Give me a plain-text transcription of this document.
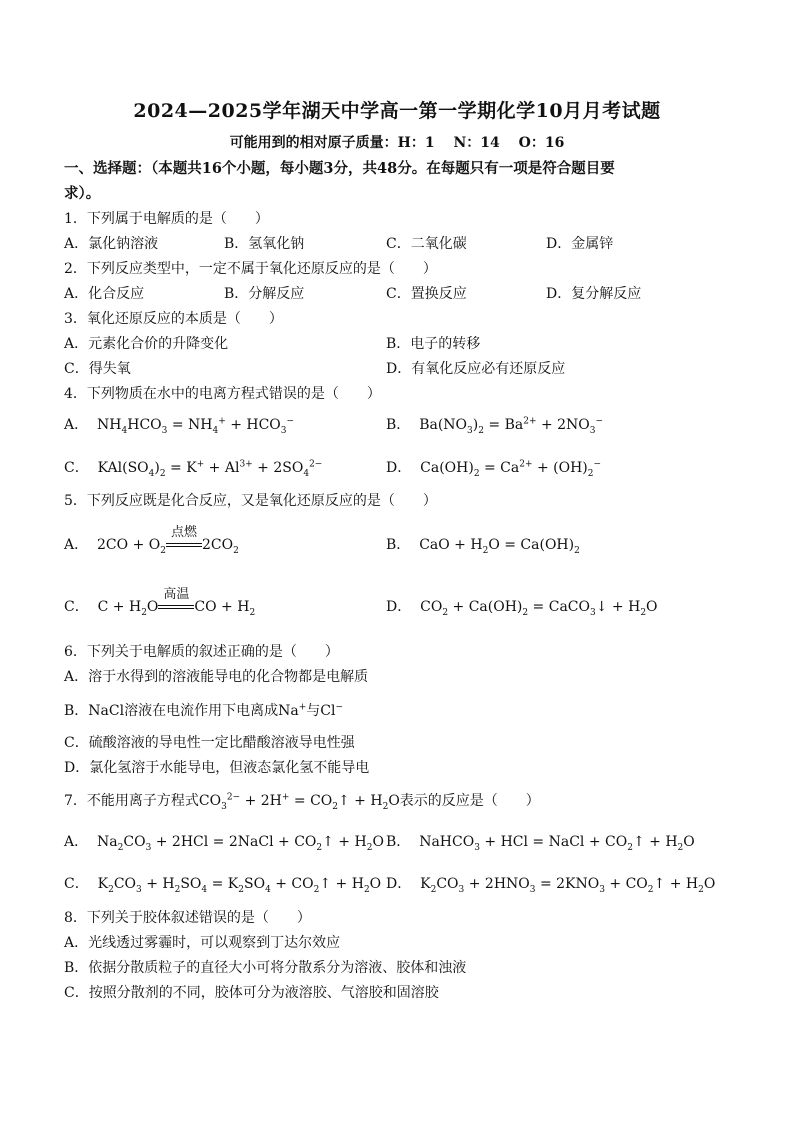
2024—2025学年湖天中学高一第一学期化学10月月考试题
可能用到的相对原子质量：H：1　 N：14　 O：16
一、选择题：（本题共16个小题，每小题3分，共48分。在每题只有一项是符合题目要
求）。
1．下列属于电解质的是（　　）
A．氯化钠溶液	B．氢氧化钠	C．二氧化碳	D．金属锌
2．下列反应类型中，一定不属于氧化还原反应的是（　　）
A．化合反应	B．分解反应	C．置换反应	D．复分解反应
3．氧化还原反应的本质是（　　）
A．元素化合价的升降变化	B．电子的转移
C．得失氧	D．有氧化反应必有还原反应
4．下列物质在水中的电离方程式错误的是（　　）
A．  $NH_4HCO_3 = NH_4^+ + HCO_3^-$	B．  $Ba(NO_3)_2 = Ba^{2+} + 2NO_3^-$
C．  $KAl(SO_4)_2 = K^+ + Al^{3+} + 2SO_4^{2-}$	D．  $Ca(OH)_2 = Ca^{2+} + (OH)_2^-$
5．下列反应既是化合反应，又是氧化还原反应的是（　　）
A．  $2CO + O_2$
点燃
$2CO_2$	B．  CaO + $H_2O = Ca(OH)_2$
C．  $C + H_2O$
高温
CO + $H_2$	D．  $CO_2 + Ca(OH)_2$ = CaCO$_3$↓ + $H_2O$
6．下列关于电解质的叙述正确的是（　　）
A．溶于水得到的溶液能导电的化合物都是电解质
B．NaCl溶液在电流作用下电离成Na+与Cl−
C．硫酸溶液的导电性一定比醋酸溶液导电性强
D．氯化氢溶于水能导电，但液态氯化氢不能导电
7．不能用离子方程式$CO_3^{2-} + 2H^+$ = $CO_2↑ + H_2O$表示的反应是（　　）
A．  $Na_2CO_3 + 2HCl$ = 2NaCl + $CO_2↑ + H_2O$ B．  NaHCO$_3$ + HCl = NaCl + $CO_2↑ + H_2O$
C．  $K_2CO_3 + H_2SO_4 = K_2SO_4$ + $CO_2↑ + H_2O$ D．  $K_2CO_3 + 2HNO_3 = 2KNO_3$ + $CO_2↑ + H_2O$
8．下列关于胶体叙述错误的是（　　）
A．光线透过雾霾时，可以观察到丁达尔效应
B．依据分散质粒子的直径大小可将分散系分为溶液、胶体和浊液
C．按照分散剂的不同，胶体可分为液溶胶、气溶胶和固溶胶
